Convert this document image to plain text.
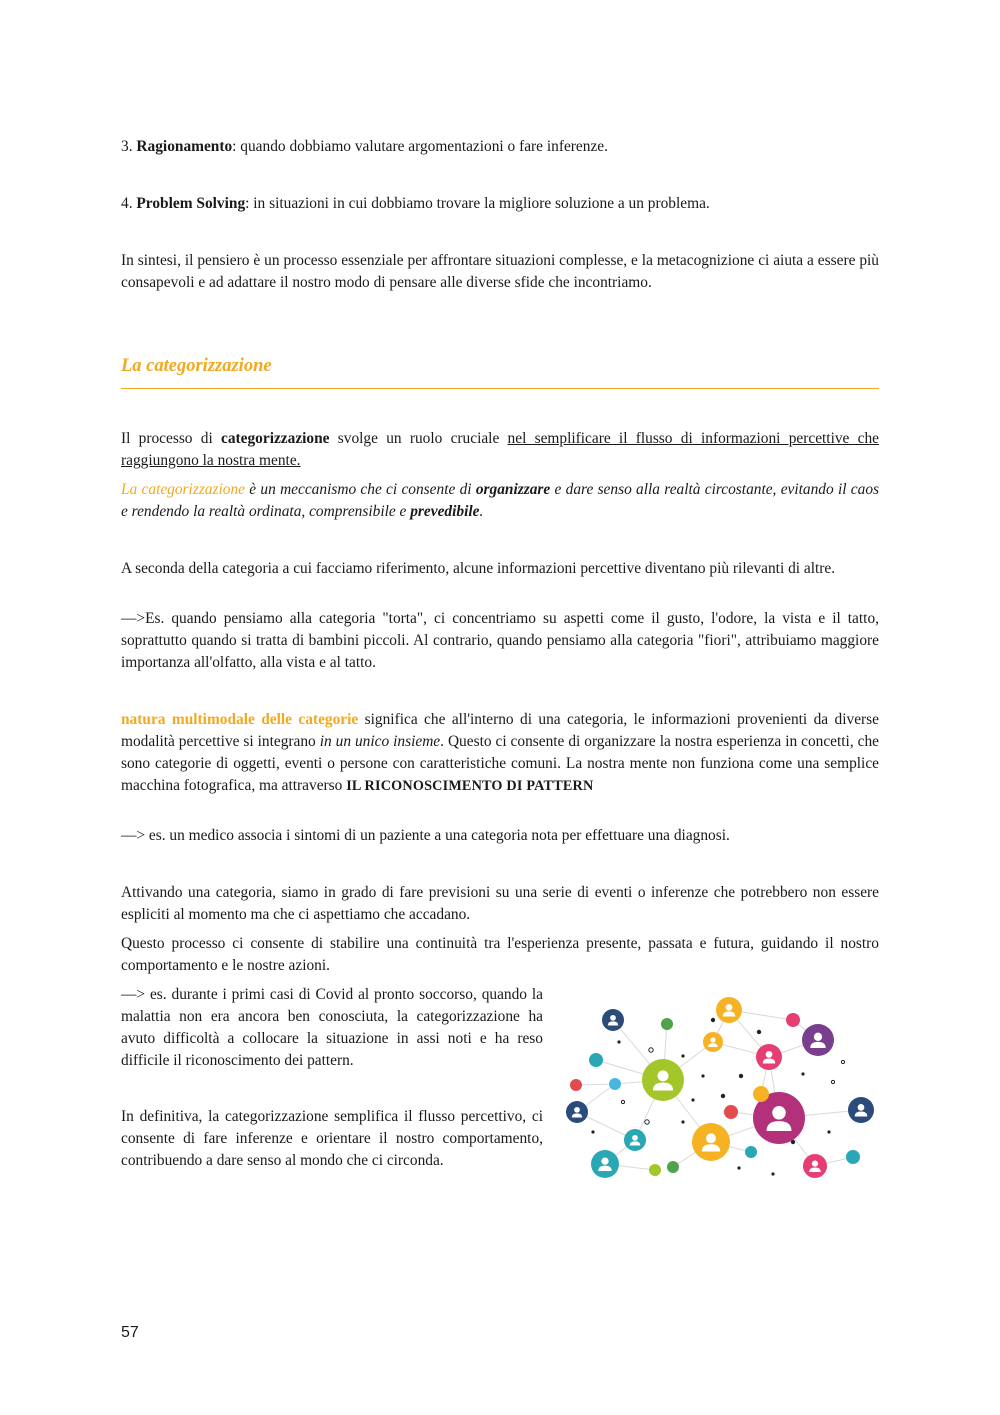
3. Ragionamento: quando dobbiamo valutare argomentazioni o fare inferenze.

4. Problem Solving: in situazioni in cui dobbiamo trovare la migliore soluzione a un problema.

In sintesi, il pensiero è un processo essenziale per affrontare situazioni complesse, e la metacognizione ci aiuta a essere più consapevoli e ad adattare il nostro modo di pensare alle diverse sfide che incontriamo.

La categorizzazione

Il processo di categorizzazione svolge un ruolo cruciale nel semplificare il flusso di informazioni percettive che raggiungono la nostra mente.

La categorizzazione è un meccanismo che ci consente di organizzare e dare senso alla realtà circostante, evitando il caos e rendendo la realtà ordinata, comprensibile e prevedibile.

A seconda della categoria a cui facciamo riferimento, alcune informazioni percettive diventano più rilevanti di altre.

—>Es. quando pensiamo alla categoria "torta", ci concentriamo su aspetti come il gusto, l'odore, la vista e il tatto, soprattutto quando si tratta di bambini piccoli. Al contrario, quando pensiamo alla categoria "fiori", attribuiamo maggiore importanza all'olfatto, alla vista e al tatto.

natura multimodale delle categorie significa che all'interno di una categoria, le informazioni provenienti da diverse modalità percettive si integrano in un unico insieme. Questo ci consente di organizzare la nostra esperienza in concetti, che sono categorie di oggetti, eventi o persone con caratteristiche comuni. La nostra mente non funziona come una semplice macchina fotografica, ma attraverso IL RICONOSCIMENTO DI PATTERN

—> es. un medico associa i sintomi di un paziente a una categoria nota per effettuare una diagnosi.

Attivando una categoria, siamo in grado di fare previsioni su una serie di eventi o inferenze che potrebbero non essere espliciti al momento ma che ci aspettiamo che accadano.

Questo processo ci consente di stabilire una continuità tra l'esperienza presente, passata e futura, guidando il nostro comportamento e le nostre azioni.

—> es. durante i primi casi di Covid al pronto soccorso, quando la malattia non era ancora ben conosciuta, la categorizzazione ha avuto difficoltà a collocare la situazione in assi noti e ha reso difficile il riconoscimento dei pattern.

In definitiva, la categorizzazione semplifica il flusso percettivo, ci consente di fare inferenze e orientare il nostro comportamento, contribuendo a dare senso al mondo che ci circonda.

57
